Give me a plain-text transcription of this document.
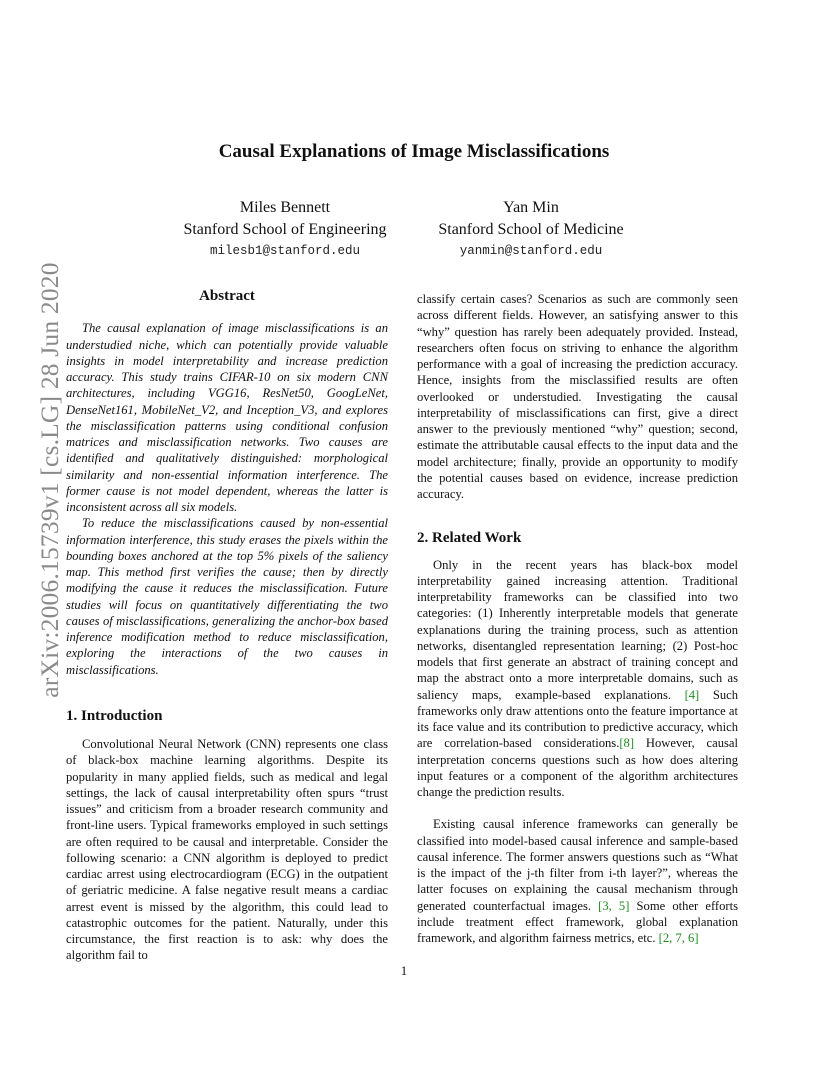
arXiv:2006.15739v1 [cs.LG] 28 Jun 2020
Causal Explanations of Image Misclassifications
Miles Bennett
Stanford School of Engineering
milesb1@stanford.edu
Yan Min
Stanford School of Medicine
yanmin@stanford.edu
Abstract

The causal explanation of image misclassifications is an understudied niche, which can potentially provide valuable insights in model interpretability and increase prediction accuracy. This study trains CIFAR-10 on six modern CNN architectures, including VGG16, ResNet50, GoogLeNet, DenseNet161, MobileNet_V2, and Inception_V3, and explores the misclassification patterns using conditional confusion matrices and misclassification networks. Two causes are identified and qualitatively distinguished: morphological similarity and non-essential information interference. The former cause is not model dependent, whereas the latter is inconsistent across all six models.

To reduce the misclassifications caused by non-essential information interference, this study erases the pixels within the bounding boxes anchored at the top 5% pixels of the saliency map. This method first verifies the cause; then by directly modifying the cause it reduces the misclassification. Future studies will focus on quantitatively differentiating the two causes of misclassifications, generalizing the anchor-box based inference modification method to reduce misclassification, exploring the interactions of the two causes in misclassifications.

1. Introduction

Convolutional Neural Network (CNN) represents one class of black-box machine learning algorithms. Despite its popularity in many applied fields, such as medical and legal settings, the lack of causal interpretability often spurs “trust issues” and criticism from a broader research community and front-line users. Typical frameworks employed in such settings are often required to be causal and interpretable. Consider the following scenario: a CNN algorithm is deployed to predict cardiac arrest using electrocardiogram (ECG) in the outpatient of geriatric medicine. A false negative result means a cardiac arrest event is missed by the algorithm, this could lead to catastrophic outcomes for the patient. Naturally, under this circumstance, the first reaction is to ask: why does the algorithm fail to

classify certain cases? Scenarios as such are commonly seen across different fields. However, an satisfying answer to this “why” question has rarely been adequately provided. Instead, researchers often focus on striving to enhance the algorithm performance with a goal of increasing the prediction accuracy. Hence, insights from the misclassified results are often overlooked or understudied. Investigating the causal interpretability of misclassifications can first, give a direct answer to the previously mentioned “why” question; second, estimate the attributable causal effects to the input data and the model architecture; finally, provide an opportunity to modify the potential causes based on evidence, increase prediction accuracy.

2. Related Work

Only in the recent years has black-box model interpretability gained increasing attention. Traditional interpretability frameworks can be classified into two categories: (1) Inherently interpretable models that generate explanations during the training process, such as attention networks, disentangled representation learning; (2) Post-hoc models that first generate an abstract of training concept and map the abstract onto a more interpretable domains, such as saliency maps, example-based explanations. [4] Such frameworks only draw attentions onto the feature importance at its face value and its contribution to predictive accuracy, which are correlation-based considerations.[8] However, causal interpretation concerns questions such as how does altering input features or a component of the algorithm architectures change the prediction results.

Existing causal inference frameworks can generally be classified into model-based causal inference and sample-based causal inference. The former answers questions such as “What is the impact of the j-th filter from i-th layer?”, whereas the latter focuses on explaining the causal mechanism through generated counterfactual images. [3, 5] Some other efforts include treatment effect framework, global explanation framework, and algorithm fairness metrics, etc. [2, 7, 6]

1
